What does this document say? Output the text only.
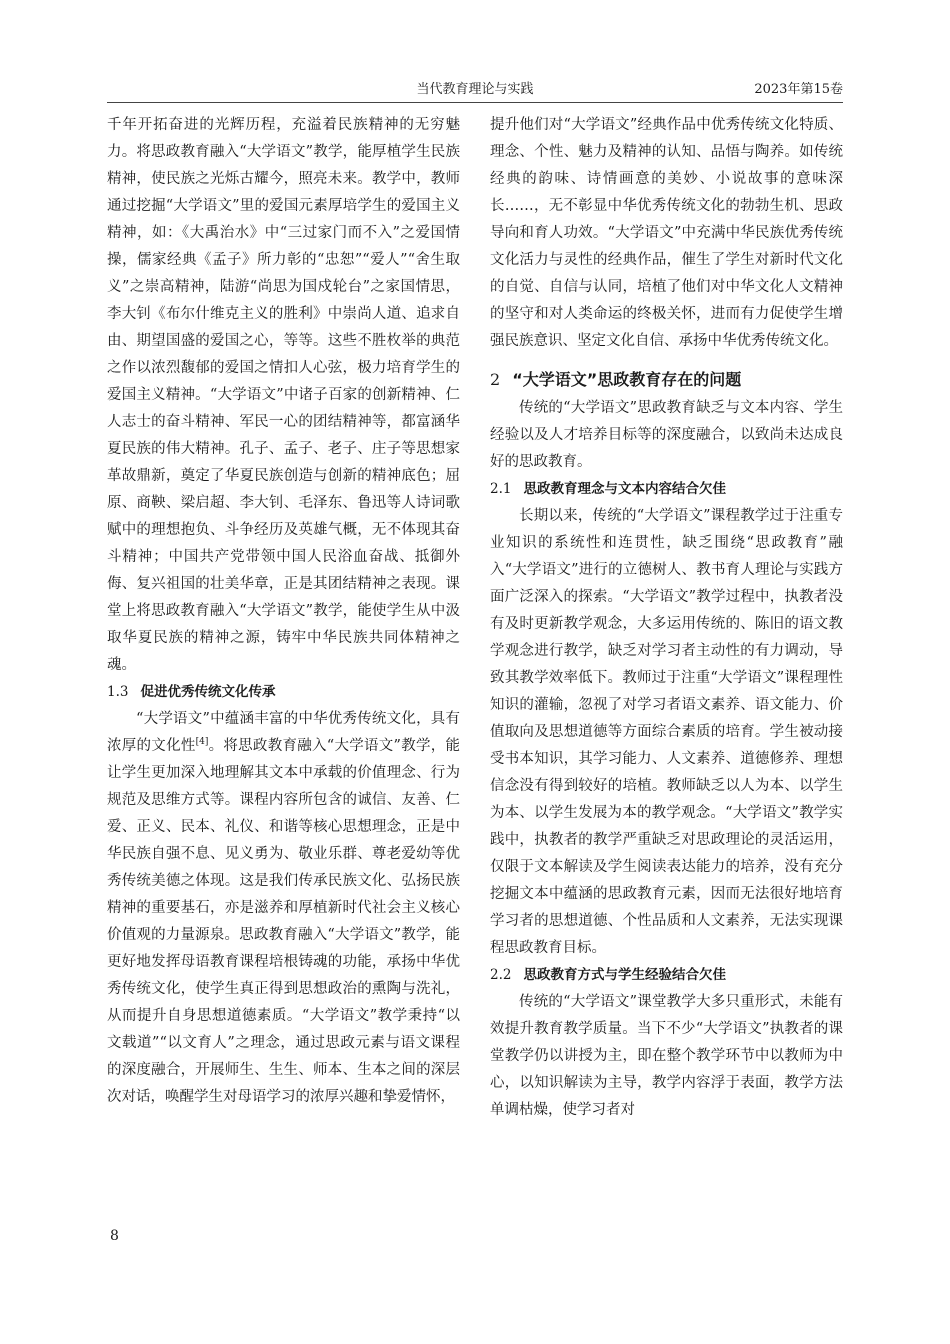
当代教育理论与实践	2023年第15卷

千年开拓奋进的光辉历程，充溢着民族精神的无穷魅力。将思政教育融入“大学语文”教学，能厚植学生民族精神，使民族之光烁古耀今，照亮未来。教学中，教师通过挖掘“大学语文”里的爱国元素厚培学生的爱国主义精神，如：《大禹治水》中“三过家门而不入”之爱国情操，儒家经典《孟子》所力彰的“忠恕”“爱人”“舍生取义”之崇高精神，陆游“尚思为国戍轮台”之家国情思，李大钊《布尔什维克主义的胜利》中崇尚人道、追求自由、期望国盛的爱国之心，等等。这些不胜枚举的典范之作以浓烈馥郁的爱国之情扣人心弦，极力培育学生的爱国主义精神。“大学语文”中诸子百家的创新精神、仁人志士的奋斗精神、军民一心的团结精神等，都富涵华夏民族的伟大精神。孔子、孟子、老子、庄子等思想家革故鼎新，奠定了华夏民族创造与创新的精神底色；屈原、商鞅、梁启超、李大钊、毛泽东、鲁迅等人诗词歌赋中的理想抱负、斗争经历及英雄气概，无不体现其奋斗精神；中国共产党带领中国人民浴血奋战、抵御外侮、复兴祖国的壮美华章，正是其团结精神之表现。课堂上将思政教育融入“大学语文”教学，能使学生从中汲取华夏民族的精神之源，铸牢中华民族共同体精神之魂。

1.3 促进优秀传统文化传承

“大学语文”中蕴涵丰富的中华优秀传统文化，具有浓厚的文化性[4]。将思政教育融入“大学语文”教学，能让学生更加深入地理解其文本中承载的价值理念、行为规范及思维方式等。课程内容所包含的诚信、友善、仁爱、正义、民本、礼仪、和谐等核心思想理念，正是中华民族自强不息、见义勇为、敬业乐群、尊老爱幼等优秀传统美德之体现。这是我们传承民族文化、弘扬民族精神的重要基石，亦是滋养和厚植新时代社会主义核心价值观的力量源泉。思政教育融入“大学语文”教学，能更好地发挥母语教育课程培根铸魂的功能，承扬中华优秀传统文化，使学生真正得到思想政治的熏陶与洗礼，从而提升自身思想道德素质。“大学语文”教学秉持“以文载道”“以文育人”之理念，通过思政元素与语文课程的深度融合，开展师生、生生、师本、生本之间的深层次对话，唤醒学生对母语学习的浓厚兴趣和挚爱情怀，

提升他们对“大学语文”经典作品中优秀传统文化特质、理念、个性、魅力及精神的认知、品悟与陶养。如传统经典的韵味、诗情画意的美妙、小说故事的意味深长……，无不彰显中华优秀传统文化的勃勃生机、思政导向和育人功效。“大学语文”中充满中华民族优秀传统文化活力与灵性的经典作品，催生了学生对新时代文化的自觉、自信与认同，培植了他们对中华文化人文精神的坚守和对人类命运的终极关怀，进而有力促使学生增强民族意识、坚定文化自信、承扬中华优秀传统文化。

2 “大学语文”思政教育存在的问题

传统的“大学语文”思政教育缺乏与文本内容、学生经验以及人才培养目标等的深度融合，以致尚未达成良好的思政教育。

2.1 思政教育理念与文本内容结合欠佳

长期以来，传统的“大学语文”课程教学过于注重专业知识的系统性和连贯性，缺乏围绕“思政教育”融入“大学语文”进行的立德树人、教书育人理论与实践方面广泛深入的探索。“大学语文”教学过程中，执教者没有及时更新教学观念，大多运用传统的、陈旧的语文教学观念进行教学，缺乏对学习者主动性的有力调动，导致其教学效率低下。教师过于注重“大学语文”课程理性知识的灌输，忽视了对学习者语文素养、语文能力、价值取向及思想道德等方面综合素质的培育。学生被动接受书本知识，其学习能力、人文素养、道德修养、理想信念没有得到较好的培植。教师缺乏以人为本、以学生为本、以学生发展为本的教学观念。“大学语文”教学实践中，执教者的教学严重缺乏对思政理论的灵活运用，仅限于文本解读及学生阅读表达能力的培养，没有充分挖掘文本中蕴涵的思政教育元素，因而无法很好地培育学习者的思想道德、个性品质和人文素养，无法实现课程思政教育目标。

2.2 思政教育方式与学生经验结合欠佳

传统的“大学语文”课堂教学大多只重形式，未能有效提升教育教学质量。当下不少“大学语文”执教者的课堂教学仍以讲授为主，即在整个教学环节中以教师为中心，以知识解读为主导，教学内容浮于表面，教学方法单调枯燥，使学习者对

8
